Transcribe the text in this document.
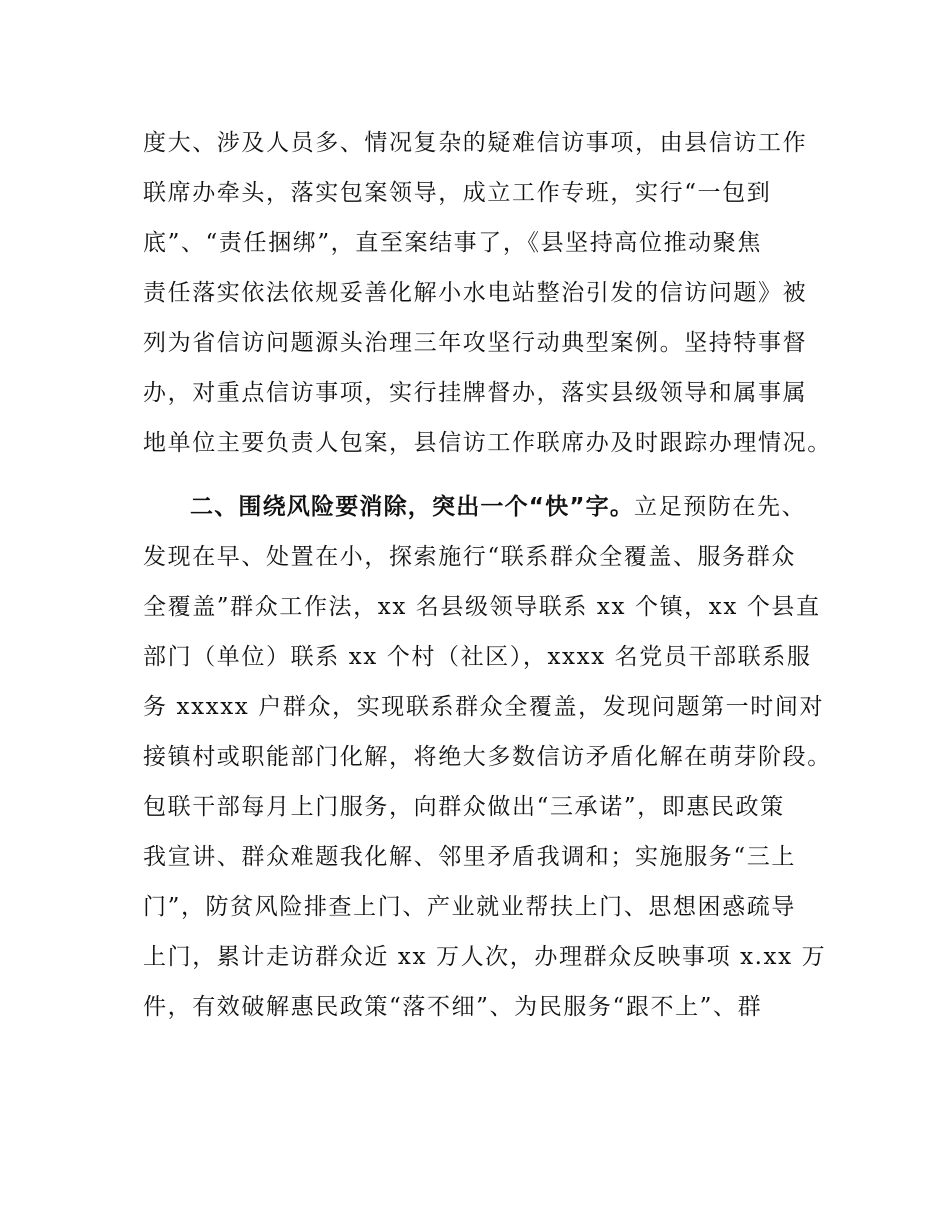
度大、涉及人员多、情况复杂的疑难信访事项，由县信访工作
联席办牵头，落实包案领导，成立工作专班，实行“一包到
底”、“责任捆绑”，直至案结事了，《县坚持高位推动聚焦
责任落实依法依规妥善化解小水电站整治引发的信访问题》被
列为省信访问题源头治理三年攻坚行动典型案例。坚持特事督
办，对重点信访事项，实行挂牌督办，落实县级领导和属事属
地单位主要负责人包案，县信访工作联席办及时跟踪办理情况。
二、围绕风险要消除，突出一个“快”字。立足预防在先、
发现在早、处置在小，探索施行“联系群众全覆盖、服务群众
全覆盖”群众工作法，xx 名县级领导联系 xx 个镇，xx 个县直
部门（单位）联系 xx 个村（社区），xxxx 名党员干部联系服
务 xxxxx 户群众，实现联系群众全覆盖，发现问题第一时间对
接镇村或职能部门化解，将绝大多数信访矛盾化解在萌芽阶段。
包联干部每月上门服务，向群众做出“三承诺”，即惠民政策
我宣讲、群众难题我化解、邻里矛盾我调和；实施服务“三上
门”，防贫风险排查上门、产业就业帮扶上门、思想困惑疏导
上门，累计走访群众近 xx 万人次，办理群众反映事项 x.xx 万
件，有效破解惠民政策“落不细”、为民服务“跟不上”、群
